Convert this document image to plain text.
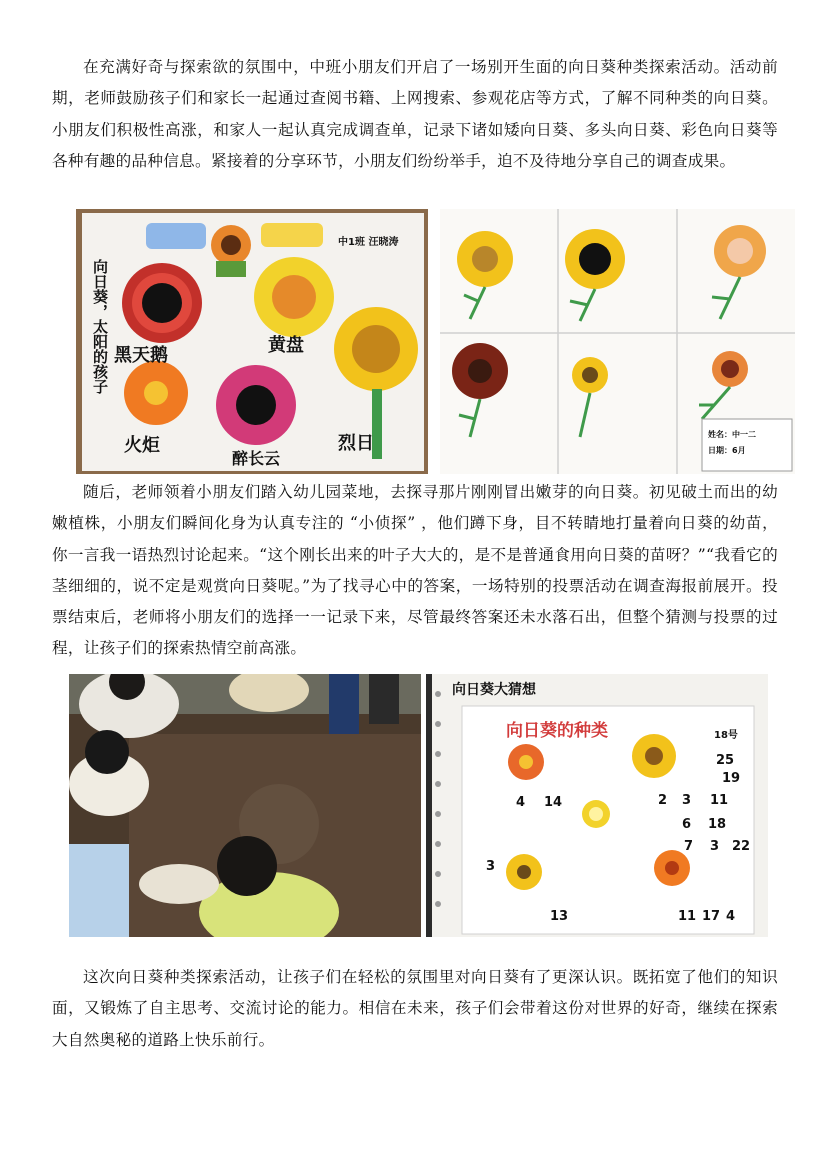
在充满好奇与探索欲的氛围中，中班小朋友们开启了一场别开生面的向日葵种类探索活动。活动前期，老师鼓励孩子们和家长一起通过查阅书籍、上网搜索、参观花店等方式，了解不同种类的向日葵。小朋友们积极性高涨，和家人一起认真完成调查单，记录下诸如矮向日葵、多头向日葵、彩色向日葵等各种有趣的品种信息。紧接着的分享环节，小朋友们纷纷举手，迫不及待地分享自己的调查成果。

向日葵，太阳的孩子
中1班 汪晓涛
黑天鹅	黄盘
火炬
醉长云
烈日	姓名：中一二
日期：6月

随后，老师领着小朋友们踏入幼儿园菜地，去探寻那片刚刚冒出嫩芽的向日葵。初见破土而出的幼嫩植株，小朋友们瞬间化身为认真专注的 “小侦探” ，他们蹲下身，目不转睛地打量着向日葵的幼苗，你一言我一语热烈讨论起来。“这个刚长出来的叶子大大的，是不是普通食用向日葵的苗呀？”“我看它的茎细细的，说不定是观赏向日葵呢。”为了找寻心中的答案，一场特别的投票活动在调查海报前展开。投票结束后，老师将小朋友们的选择一一记录下来，尽管最终答案还未水落石出，但整个猜测与投票的过程，让孩子们的探索热情空前高涨。

向日葵大猜想
向日葵的种类	18号
25
19
2 3 11
18
6
7 3 22
4 14
3
13	11 17 4

这次向日葵种类探索活动，让孩子们在轻松的氛围里对向日葵有了更深认识。既拓宽了他们的知识面，又锻炼了自主思考、交流讨论的能力。相信在未来，孩子们会带着这份对世界的好奇，继续在探索大自然奥秘的道路上快乐前行。
